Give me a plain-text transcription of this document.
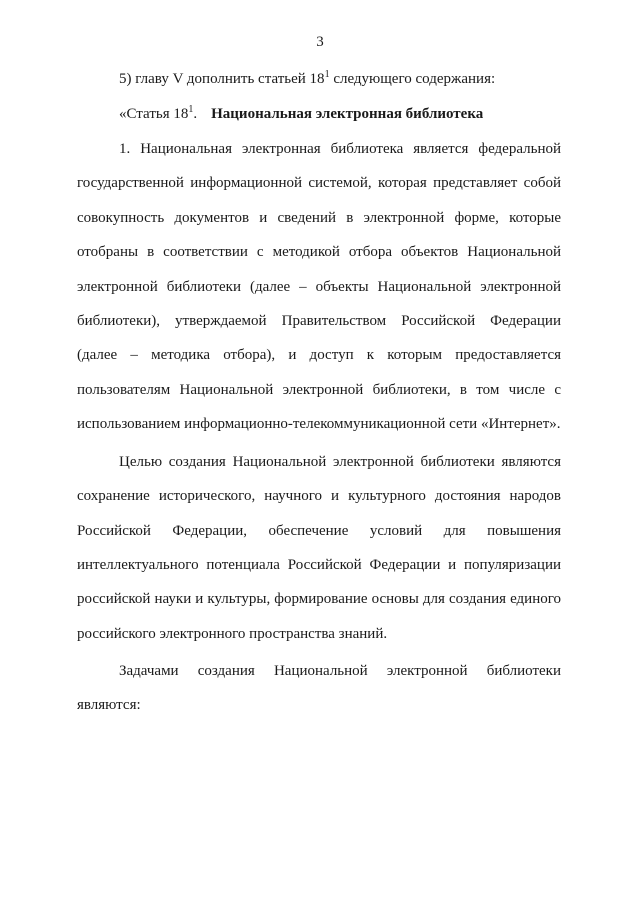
3
5) главу V дополнить статьей $18^1$ следующего содержания:
«Статья $18^1$. Национальная электронная библиотека
1. Национальная электронная библиотека является федеральной
государственной информационной системой, которая представляет собой
совокупность документов и сведений в электронной форме, которые
отобраны в соответствии с методикой отбора объектов Национальной
электронной библиотеки (далее – объекты Национальной электронной
библиотеки), утверждаемой Правительством Российской Федерации
(далее – методика отбора), и доступ к которым предоставляется
пользователям Национальной электронной библиотеки, в том числе с
использованием информационно-телекоммуникационной сети «Интернет».
Целью создания Национальной электронной библиотеки являются
сохранение исторического, научного и культурного достояния народов
Российской Федерации, обеспечение условий для повышения
интеллектуального потенциала Российской Федерации и популяризации
российской науки и культуры, формирование основы для создания единого
российского электронного пространства знаний.
Задачами создания Национальной электронной библиотеки
являются:
